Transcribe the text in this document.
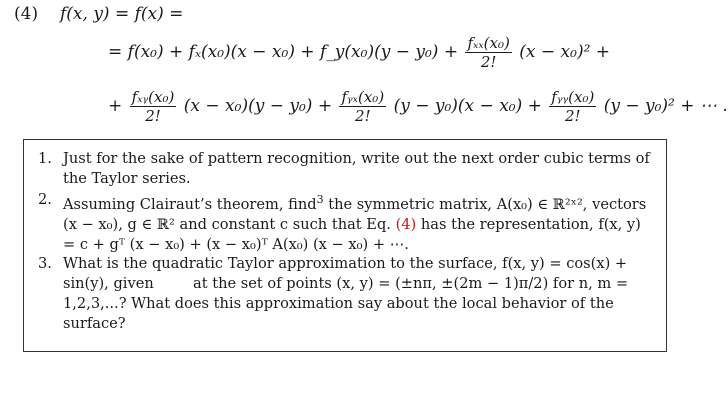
(4) f(x, y) = f(x) =
= f(x₀) + fₓ(x₀)(x − x₀) + f_y(x₀)(y − $y_0) + \frac{\text{fₓₓ(x₀)}}{2!} (x - x_0)^2$ +
+ $\frac{\text{fₓᵧ(x₀)}}{2!} (x - x_0)(y - y_0) + \frac{\text{fᵧₓ(x₀)}}{2!} (y - y_0)(x - x_0) + \frac{\text{fᵧᵧ(x₀)}}{2!} (y - y_0)^2$ + ⋯ .
1. Just for the sake of pattern recognition, write out the next order cubic terms of the Taylor series.
2. Assuming Clairaut’s theorem, find$^3$ the symmetric matrix, A(x₀) ∈ ℝ²ˣ², vectors (x − x₀), g ∈ ℝ² and constant c such that Eq. (4) has the representation, f(x, y) = c + gᵀ (x − x₀) + (x − x₀)ᵀ A(x₀) (x − x₀) + ⋯.
3. What is the quadratic Taylor approximation to the surface, f(x, y) = cos(x) + sin(y), given	at the set of points (x, y) = (±nπ, ±(2m − 1)π/2) for n, m = 1,2,3,...? What does this approximation say about the local behavior of the surface?
